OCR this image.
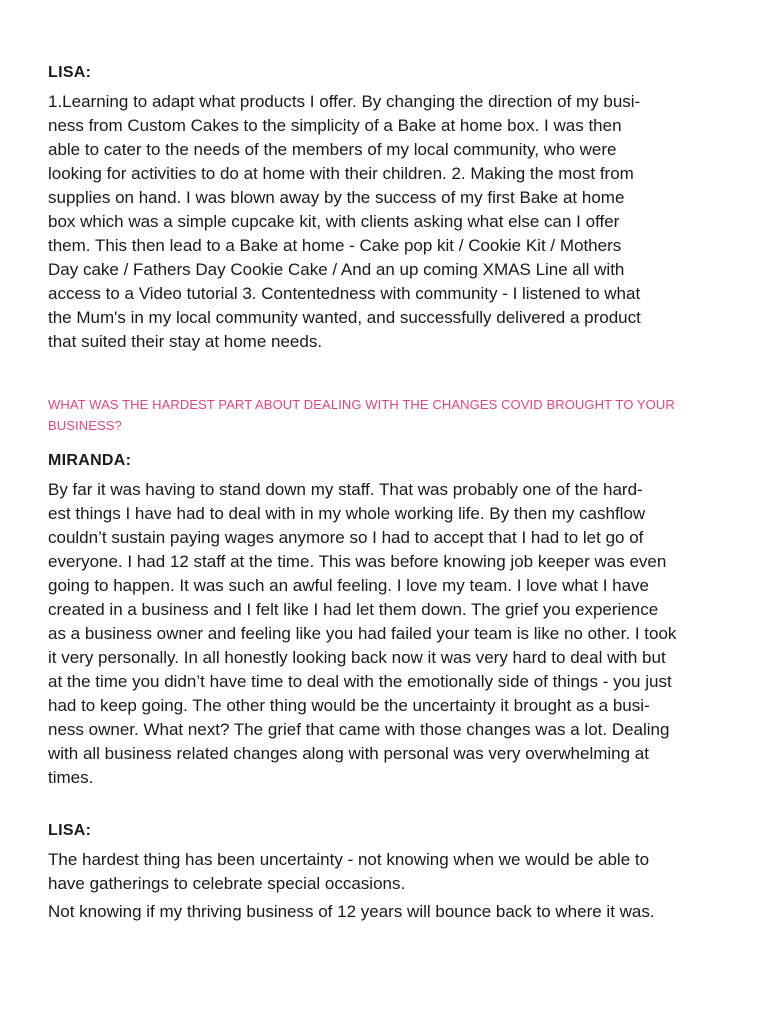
LISA:

1.Learning to adapt what products I offer. By changing the direction of my busi-
ness from Custom Cakes to the simplicity of a Bake at home box. I was then
able to cater to the needs of the members of my local community, who were
looking for activities to do at home with their children. 2. Making the most from
supplies on hand. I was blown away by the success of my first Bake at home
box which was a simple cupcake kit, with clients asking what else can I offer
them. This then lead to a Bake at home - Cake pop kit / Cookie Kit / Mothers
Day cake / Fathers Day Cookie Cake / And an up coming XMAS Line all with
access to a Video tutorial 3. Contentedness with community - I listened to what
the Mum's in my local community wanted, and successfully delivered a product
that suited their stay at home needs.

WHAT WAS THE HARDEST PART ABOUT DEALING WITH THE CHANGES COVID BROUGHT TO YOUR
BUSINESS?

MIRANDA:

By far it was having to stand down my staff. That was probably one of the hard-
est things I have had to deal with in my whole working life. By then my cashflow
couldn’t sustain paying wages anymore so I had to accept that I had to let go of
everyone. I had 12 staff at the time. This was before knowing job keeper was even
going to happen. It was such an awful feeling. I love my team. I love what I have
created in a business and I felt like I had let them down. The grief you experience
as a business owner and feeling like you had failed your team is like no other. I took
it very personally. In all honestly looking back now it was very hard to deal with but
at the time you didn’t have time to deal with the emotionally side of things - you just
had to keep going. The other thing would be the uncertainty it brought as a busi-
ness owner. What next? The grief that came with those changes was a lot. Dealing
with all business related changes along with personal was very overwhelming at
times.

LISA:

The hardest thing has been uncertainty - not knowing when we would be able to
have gatherings to celebrate special occasions.

Not knowing if my thriving business of 12 years will bounce back to where it was.
